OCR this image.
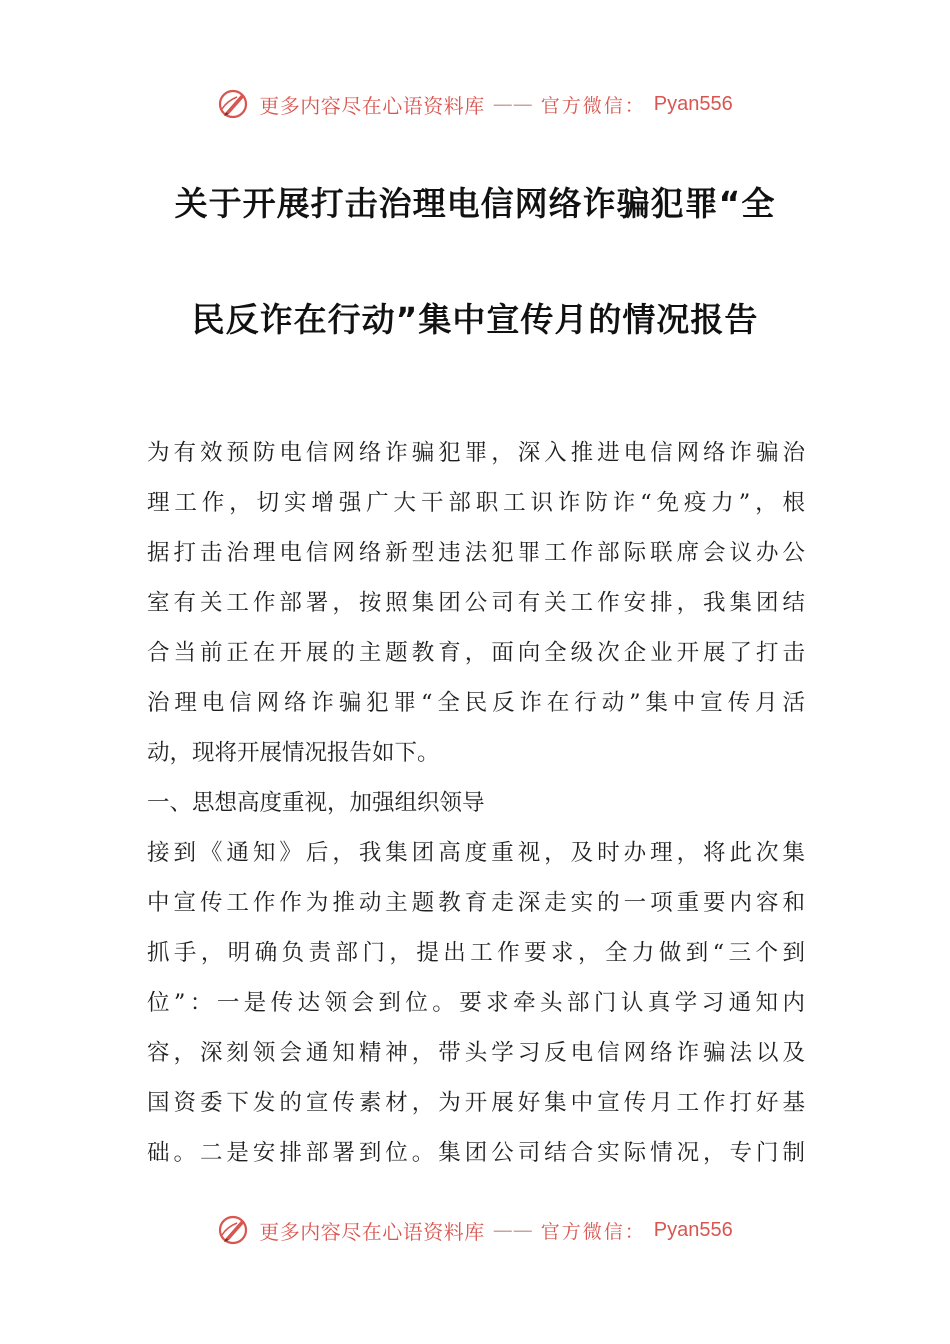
更多内容尽在心语资料库 —— 官方微信： Pyan556
关于开展打击治理电信网络诈骗犯罪“全
民反诈在行动”集中宣传月的情况报告
为有效预防电信网络诈骗犯罪，深入推进电信网络诈骗治
理工作，切实增强广大干部职工识诈防诈“免疫力”，根
据打击治理电信网络新型违法犯罪工作部际联席会议办公
室有关工作部署，按照集团公司有关工作安排，我集团结
合当前正在开展的主题教育，面向全级次企业开展了打击
治理电信网络诈骗犯罪“全民反诈在行动”集中宣传月活
动，现将开展情况报告如下。
一、思想高度重视，加强组织领导
接到《通知》后，我集团高度重视，及时办理，将此次集
中宣传工作作为推动主题教育走深走实的一项重要内容和
抓手，明确负责部门，提出工作要求，全力做到“三个到
位”：一是传达领会到位。要求牵头部门认真学习通知内
容，深刻领会通知精神，带头学习反电信网络诈骗法以及
国资委下发的宣传素材，为开展好集中宣传月工作打好基
础。二是安排部署到位。集团公司结合实际情况，专门制
更多内容尽在心语资料库 —— 官方微信： Pyan556
